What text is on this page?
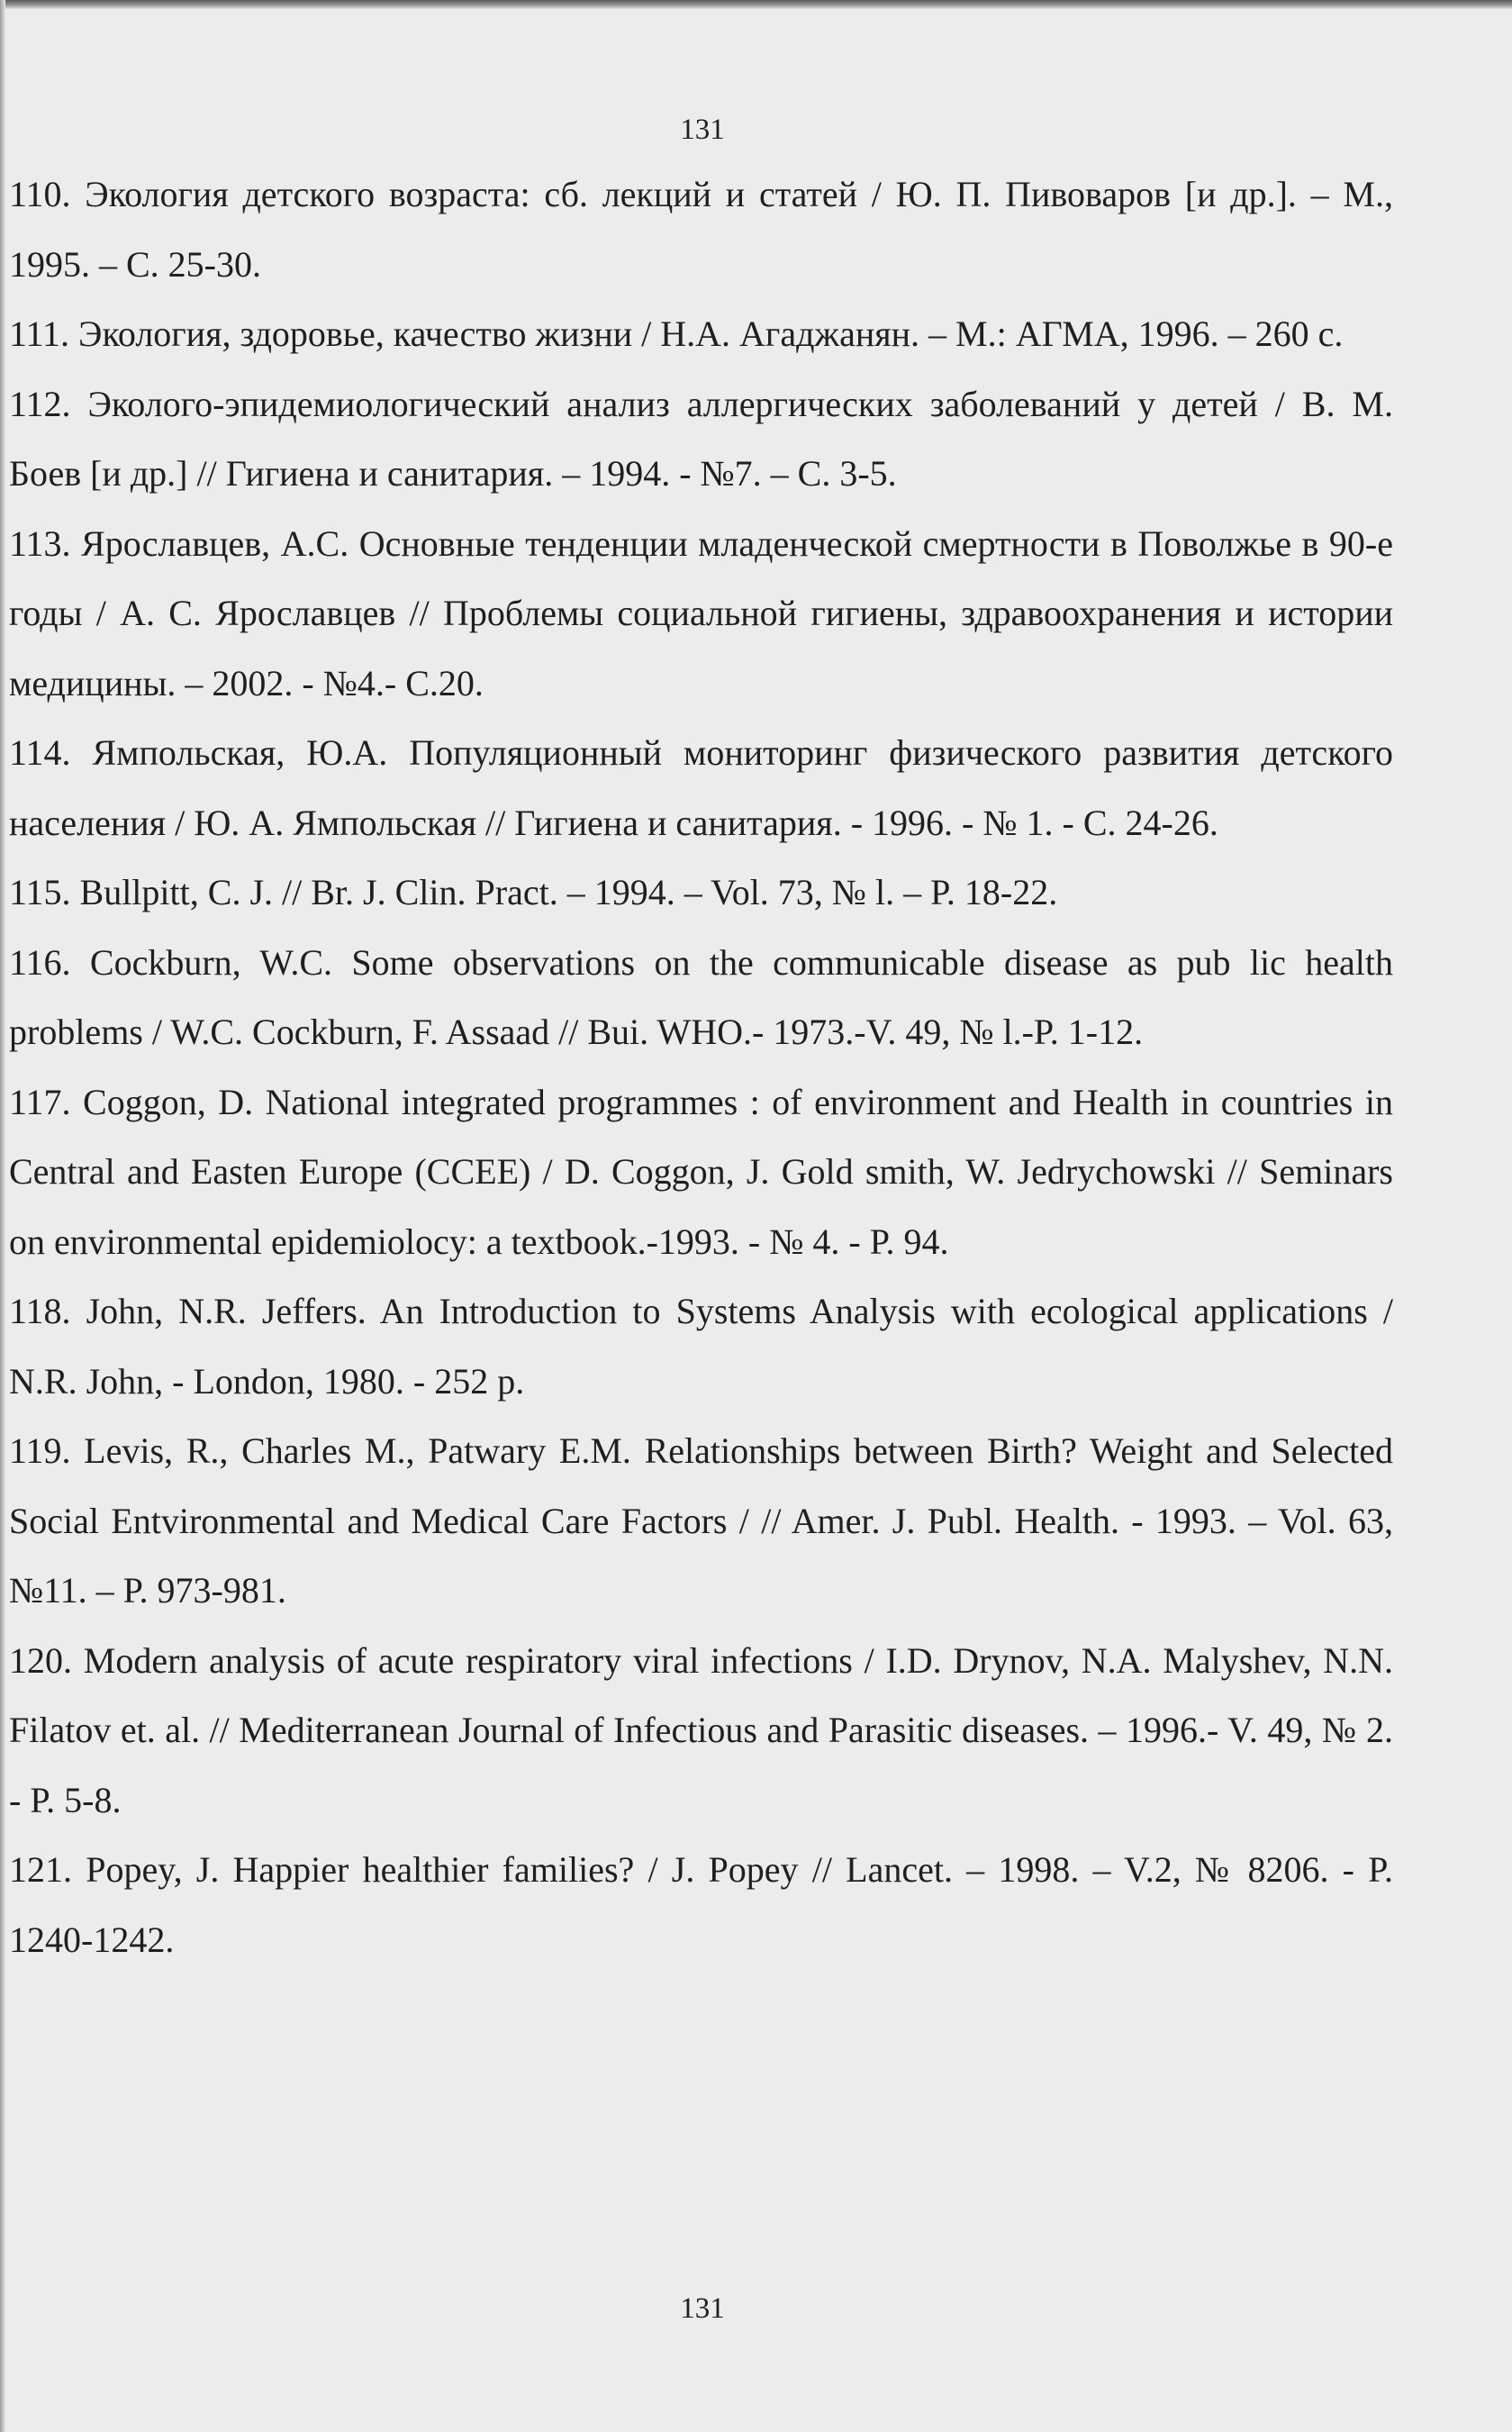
131

110. Экология детского возраста: сб. лекций и статей / Ю. П. Пивоваров [и др.]. – М., 1995. – С. 25-30.

111. Экология, здоровье, качество жизни / Н.А. Агаджанян. – М.: АГМА, 1996. – 260 с.

112. Эколого-эпидемиологический анализ аллергических заболеваний у детей / В. М. Боев [и др.] // Гигиена и санитария. – 1994. - №7. – С. 3-5.

113. Ярославцев, А.С. Основные тенденции младенческой смертности в Поволжье в 90-е годы / А. С. Ярославцев // Проблемы социальной гигиены, здравоохранения и истории медицины. – 2002. - №4.- С.20.

114. Ямпольская, Ю.А. Популяционный мониторинг физического развития детского населения / Ю. А. Ямпольская // Гигиена и санитария. - 1996. - № 1. - С. 24-26.

115. Bullpitt, C. J. // Br. J. Clin. Pract. – 1994. – Vol. 73, № l. – P. 18-22.

116. Cockburn, W.C. Some observations on the communicable disease as pub lic health problems / W.C. Cockburn, F. Assaad // Bui. WHO.- 1973.-V. 49, № l.-P. 1-12.

117. Coggon, D. National integrated programmes : of environment and Health in countries in Central and Easten Europe (CCEE) / D. Coggon, J. Gold smith, W. Jedrychowski // Seminars on environmental epidemiolocy: a textbook.-1993. - № 4. - P. 94.

118. John, N.R. Jeffers. An Introduction to Systems Analysis with ecological applications / N.R. John, - London, 1980. - 252 p.

119. Levis, R., Charles M., Patwary E.M. Relationships between Birth? Weight and Selected Social Entvironmental and Medical Care Factors / // Amer. J. Publ. Health. - 1993. – Vol. 63, №11. – P. 973-981.

120. Modern analysis of acute respiratory viral infections / I.D. Drynov, N.A. Malyshev, N.N. Filatov et. al. // Mediterranean Journal of Infectious and Parasitic diseases. – 1996.- V. 49, № 2. - P. 5-8.

121. Popey, J. Happier healthier families? / J. Popey // Lancet. – 1998. – V.2, № 8206. - P. 1240-1242.

131
